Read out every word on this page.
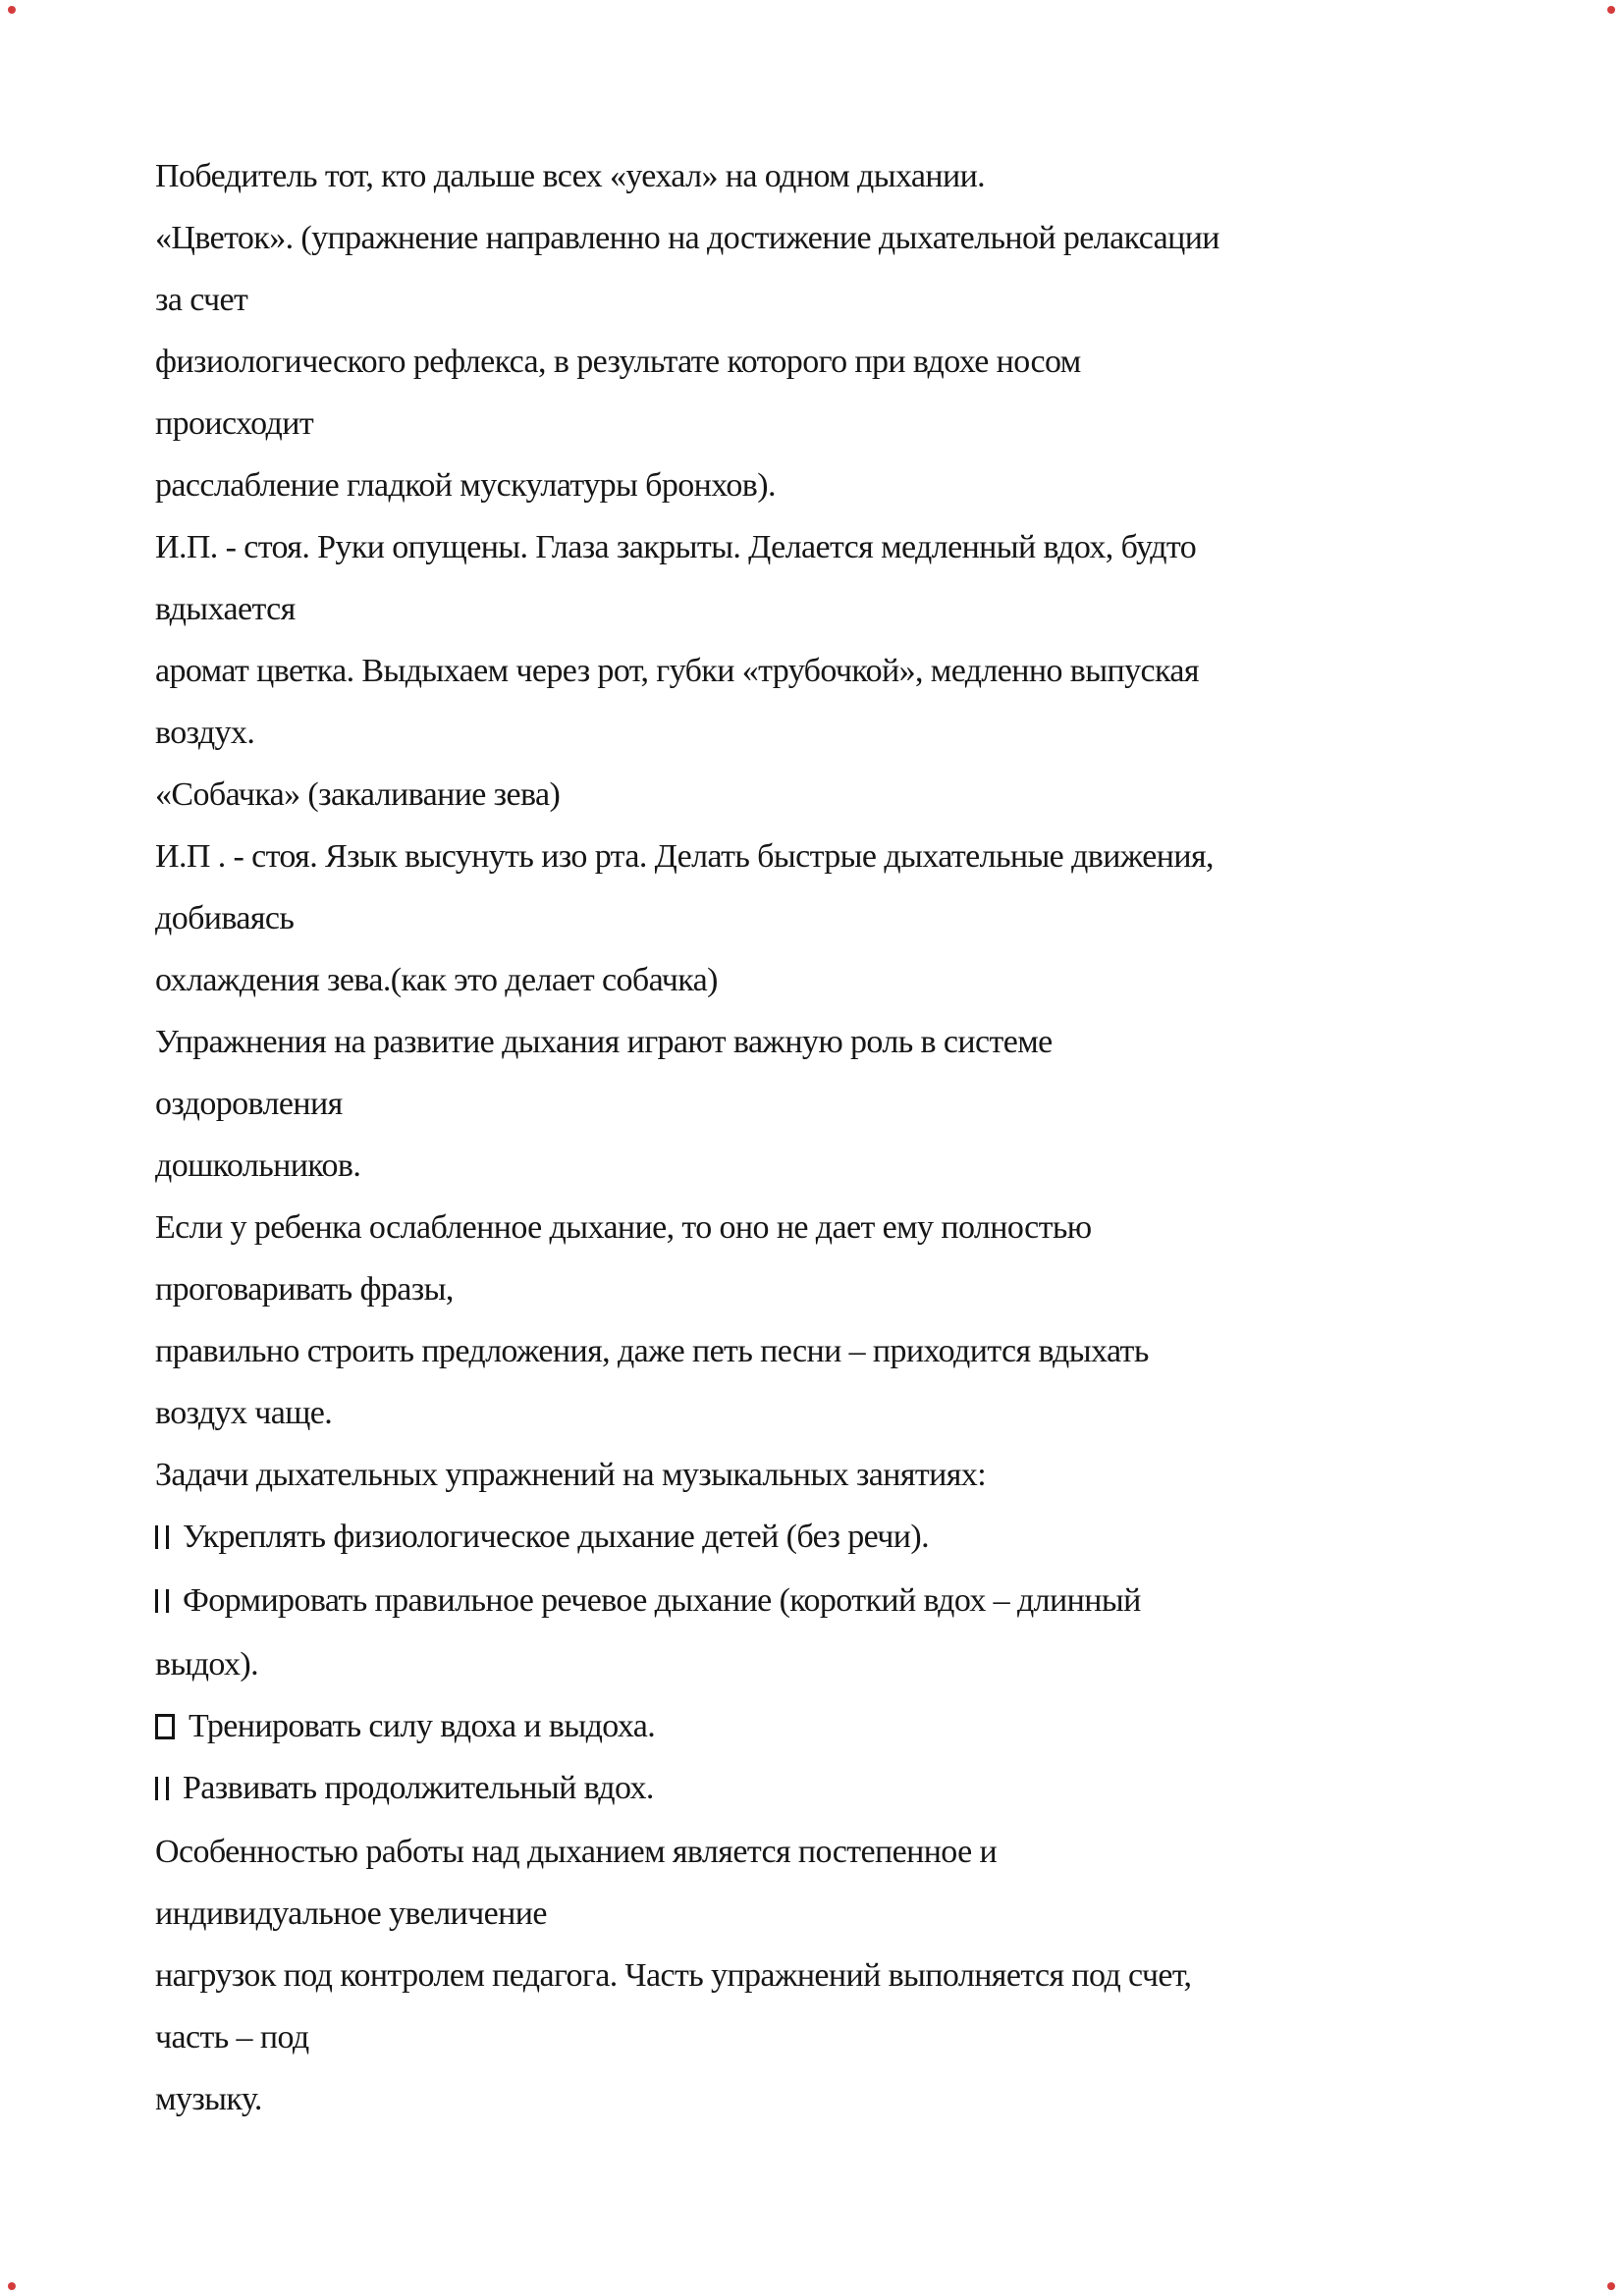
Победитель тот, кто дальше всех «уехал» на одном дыхании.

«Цветок». (упражнение направленно на достижение дыхательной релаксации
за счет

физиологического рефлекса, в результате которого при вдохе носом
происходит

расслабление гладкой мускулатуры бронхов).

И.П. - стоя. Руки опущены. Глаза закрыты. Делается медленный вдох, будто
вдыхается

аромат цветка. Выдыхаем через рот, губки «трубочкой», медленно выпуская
воздух.

«Собачка» (закаливание зева)

И.П . - стоя. Язык высунуть изо рта. Делать быстрые дыхательные движения,
добиваясь

охлаждения зева.(как это делает собачка)

Упражнения на развитие дыхания играют важную роль в системе
оздоровления

дошкольников.

Если у ребенка ослабленное дыхание, то оно не дает ему полностью
проговаривать фразы,

правильно строить предложения, даже петь песни – приходится вдыхать
воздух чаще.

Задачи дыхательных упражнений на музыкальных занятиях:

Укреплять физиологическое дыхание детей (без речи).

Формировать правильное речевое дыхание (короткий вдох – длинный
выдох).

Тренировать силу вдоха и выдоха.

Развивать продолжительный вдох.

Особенностью работы над дыханием является постепенное и
индивидуальное увеличение

нагрузок под контролем педагога. Часть упражнений выполняется под счет,
часть – под

музыку.
